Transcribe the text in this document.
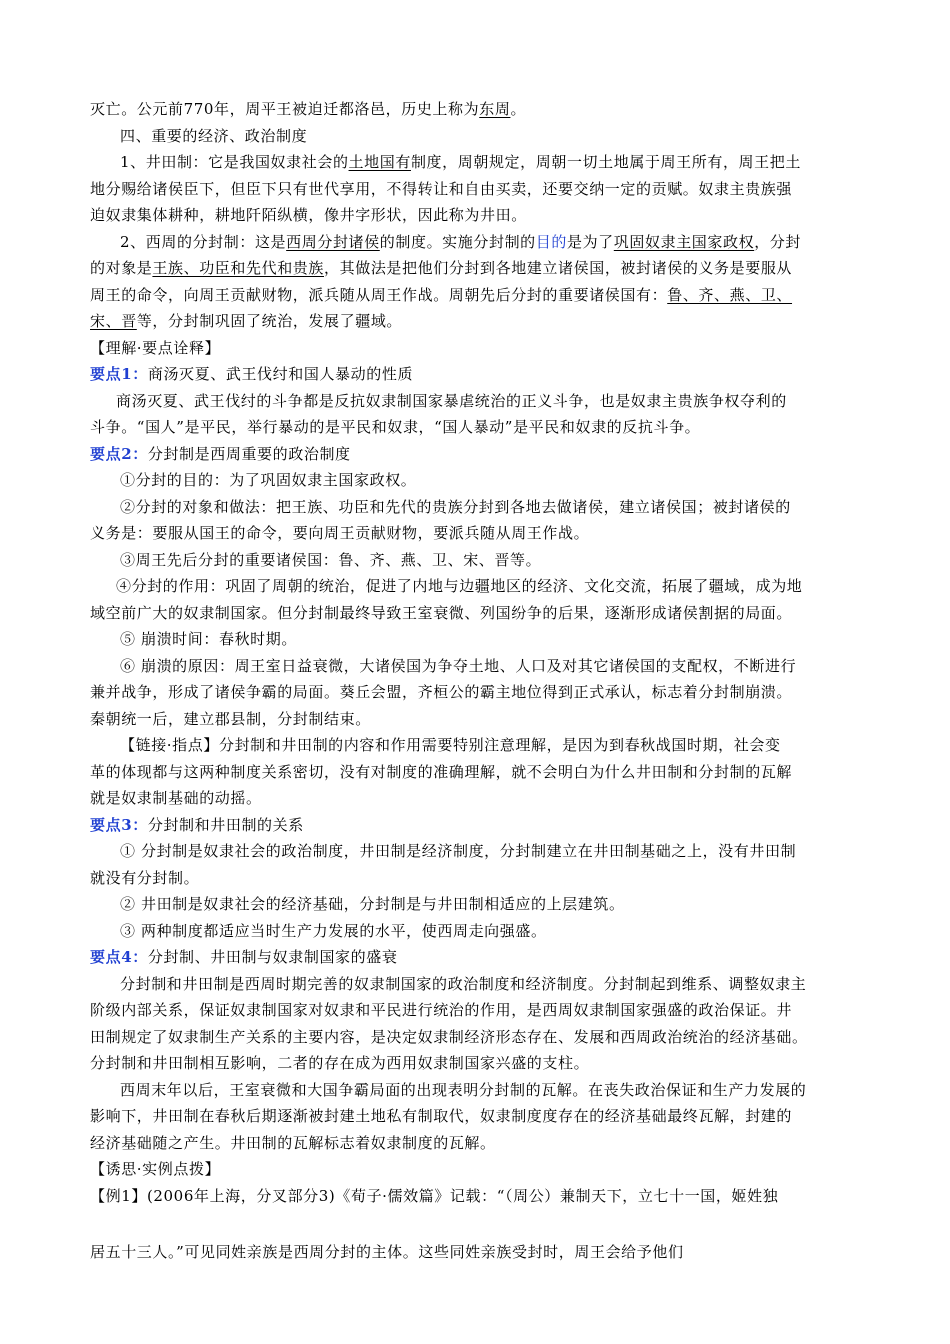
灭亡。公元前770年，周平王被迫迁都洛邑，历史上称为东周。
四、重要的经济、政治制度
1、井田制：它是我国奴隶社会的土地国有制度，周朝规定，周朝一切土地属于周王所有，周王把土
地分赐给诸侯臣下，但臣下只有世代享用，不得转让和自由买卖，还要交纳一定的贡赋。奴隶主贵族强
迫奴隶集体耕种，耕地阡陌纵横，像井字形状，因此称为井田。
2、西周的分封制：这是西周分封诸侯的制度。实施分封制的目的是为了巩固奴隶主国家政权，分封
的对象是王族、功臣和先代和贵族，其做法是把他们分封到各地建立诸侯国，被封诸侯的义务是要服从
周王的命令，向周王贡献财物，派兵随从周王作战。周朝先后分封的重要诸侯国有：鲁、齐、燕、卫、
宋、晋等，分封制巩固了统治，发展了疆域。
【理解·要点诠释】
要点1：商汤灭夏、武王伐纣和国人暴动的性质
商汤灭夏、武王伐纣的斗争都是反抗奴隶制国家暴虐统治的正义斗争，也是奴隶主贵族争权夺利的
斗争。“国人”是平民，举行暴动的是平民和奴隶，“国人暴动”是平民和奴隶的反抗斗争。
要点2：分封制是西周重要的政治制度
①分封的目的：为了巩固奴隶主国家政权。
②分封的对象和做法：把王族、功臣和先代的贵族分封到各地去做诸侯，建立诸侯国；被封诸侯的
义务是：要服从国王的命令，要向周王贡献财物，要派兵随从周王作战。
③周王先后分封的重要诸侯国：鲁、齐、燕、卫、宋、晋等。
④分封的作用：巩固了周朝的统治，促进了内地与边疆地区的经济、文化交流，拓展了疆域，成为地
域空前广大的奴隶制国家。但分封制最终导致王室衰微、列国纷争的后果，逐渐形成诸侯割据的局面。
⑤ 崩溃时间：春秋时期。
⑥ 崩溃的原因：周王室日益衰微，大诸侯国为争夺土地、人口及对其它诸侯国的支配权，不断进行
兼并战争，形成了诸侯争霸的局面。葵丘会盟，齐桓公的霸主地位得到正式承认，标志着分封制崩溃。
秦朝统一后，建立郡县制，分封制结束。
【链接·指点】分封制和井田制的内容和作用需要特别注意理解，是因为到春秋战国时期，社会变
革的体现都与这两种制度关系密切，没有对制度的准确理解，就不会明白为什么井田制和分封制的瓦解
就是奴隶制基础的动摇。
要点3：分封制和井田制的关系
① 分封制是奴隶社会的政治制度，井田制是经济制度，分封制建立在井田制基础之上，没有井田制
就没有分封制。
② 井田制是奴隶社会的经济基础，分封制是与井田制相适应的上层建筑。
③ 两种制度都适应当时生产力发展的水平，使西周走向强盛。
要点4：分封制、井田制与奴隶制国家的盛衰
分封制和井田制是西周时期完善的奴隶制国家的政治制度和经济制度。分封制起到维系、调整奴隶主
阶级内部关系，保证奴隶制国家对奴隶和平民进行统治的作用，是西周奴隶制国家强盛的政治保证。井
田制规定了奴隶制生产关系的主要内容，是决定奴隶制经济形态存在、发展和西周政治统治的经济基础。
分封制和井田制相互影响，二者的存在成为西用奴隶制国家兴盛的支柱。
西周末年以后，王室衰微和大国争霸局面的出现表明分封制的瓦解。在丧失政治保证和生产力发展的
影响下，井田制在春秋后期逐渐被封建土地私有制取代，奴隶制度度存在的经济基础最终瓦解，封建的
经济基础随之产生。井田制的瓦解标志着奴隶制度的瓦解。
【诱思·实例点拨】
【例1】(2006年上海，分叉部分3)《荀子·儒效篇》记载：“（周公）兼制天下，立七十一国，姬姓独
居五十三人。”可见同姓亲族是西周分封的主体。这些同姓亲族受封时，周王会给予他们
